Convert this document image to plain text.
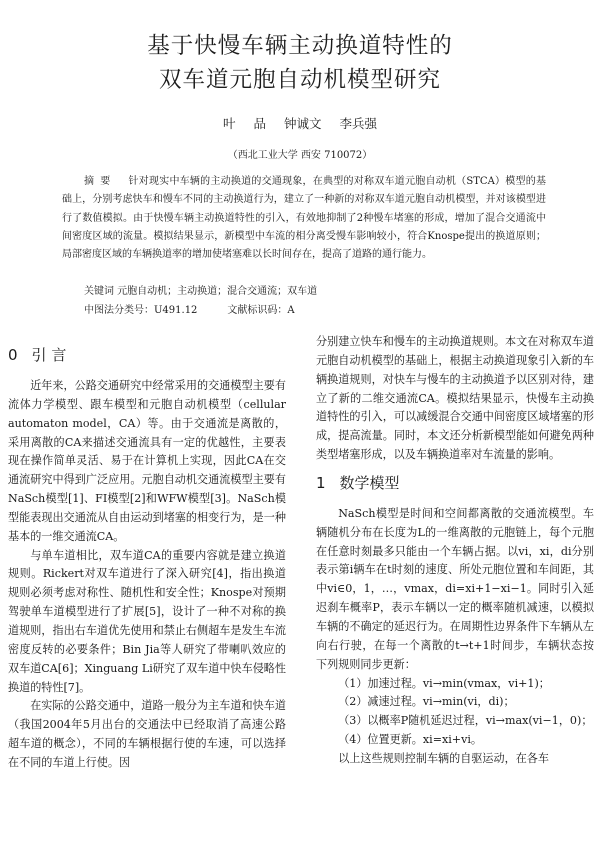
基于快慢车辆主动换道特性的
双车道元胞自动机模型研究
叶 品 钟诚文 李兵强
（西北工业大学 西安 710072）
摘要 针对现实中车辆的主动换道的交通现象，在典型的对称双车道元胞自动机（STCA）模型的基础上，分别考虑快车和慢车不同的主动换道行为，建立了一种新的对称双车道元胞自动机模型，并对该模型进行了数值模拟。由于快慢车辆主动换道特性的引入，有效地抑制了2种慢车堵塞的形成，增加了混合交通流中间密度区域的流量。模拟结果显示，新模型中车流的相分离受慢车影响较小，符合Knospe提出的换道原则；局部密度区域的车辆换道率的增加使堵塞难以长时间存在，提高了道路的通行能力。
关键词 元胞自动机；主动换道；混合交通流；双车道
中图法分类号：U491.12	文献标识码：A
0 引 言

近年来，公路交通研究中经常采用的交通模型主要有流体力学模型、跟车模型和元胞自动机模型（cellular automaton model，CA）等。由于交通流是离散的，采用离散的CA来描述交通流具有一定的优越性，主要表现在操作简单灵活、易于在计算机上实现，因此CA在交通流研究中得到广泛应用。元胞自动机交通流模型主要有NaSch模型[1]、FI模型[2]和WFW模型[3]。NaSch模型能表现出交通流从自由运动到堵塞的相变行为，是一种基本的一维交通流CA。

与单车道相比，双车道CA的重要内容就是建立换道规则。Rickert对双车道进行了深入研究[4]，指出换道规则必须考虑对称性、随机性和安全性；Knospe对预期驾驶单车道模型进行了扩展[5]，设计了一种不对称的换道规则，指出右车道优先使用和禁止右侧超车是发生车流密度反转的必要条件；Bin Jia等人研究了带喇叭效应的双车道CA[6]；Xinguang Li研究了双车道中快车侵略性换道的特性[7]。

在实际的公路交通中，道路一般分为主车道和快车道（我国2004年5月出台的交通法中已经取消了高速公路超车道的概念），不同的车辆根据行使的车速，可以选择在不同的车道上行使。因

分别建立快车和慢车的主动换道规则。本文在对称双车道元胞自动机模型的基础上，根据主动换道现象引入新的车辆换道规则，对快车与慢车的主动换道予以区别对待，建立了新的二维交通流CA。模拟结果显示，快慢车主动换道特性的引入，可以减缓混合交通中间密度区域堵塞的形成，提高流量。同时，本文还分析新模型能如何避免两种类型堵塞形成，以及车辆换道率对车流量的影响。

1 数学模型

NaSch模型是时间和空间都离散的交通流模型。车辆随机分布在长度为L的一维离散的元胞链上，每个元胞在任意时刻最多只能由一个车辆占据。以vi，xi，di分别表示第i辆车在t时刻的速度、所处元胞位置和车间距，其中vi∈0，1，…，vmax，di=xi+1−xi−1。同时引入延迟刹车概率P，表示车辆以一定的概率随机减速，以模拟车辆的不确定的延迟行为。在周期性边界条件下车辆从左向右行驶，在每一个离散的t→t+1时间步，车辆状态按下列规则同步更新：

（1）加速过程。vi→min(vmax，vi+1)；

（2）减速过程。vi→min(vi，di)；

（3）以概率P随机延迟过程，vi→max(vi−1，0)；

（4）位置更新。xi=xi+vi。

以上这些规则控制车辆的自驱运动，在各车
